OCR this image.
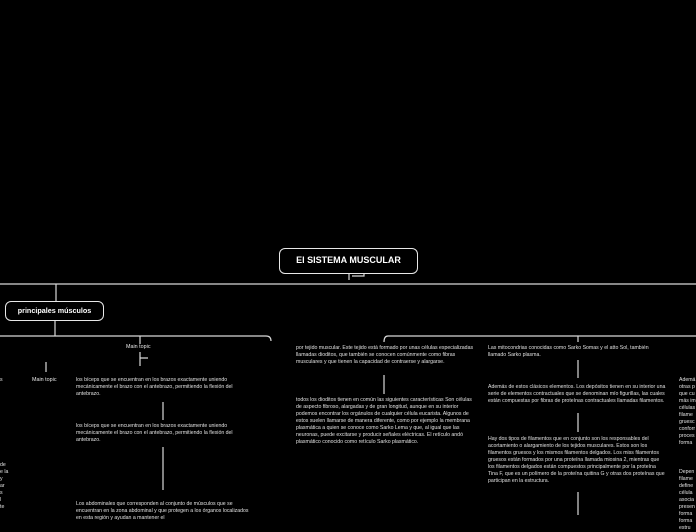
El SISTEMA MUSCULAR
principales músculos
Main topic
Main topic	los bíceps que se encuentran en los brazos exactamente uniendo mecánicamente el brazo con el antebrazo, permitiendo la flexión del antebrazo.
los bíceps que se encuentran en los brazos exactamente uniendo mecánicamente el brazo con el antebrazo, permitiendo la flexión del antebrazo.
Los abdominales que corresponden al conjunto de músculos que se encuentran en la zona abdominal y que protegen a los órganos localizados en esta región y ayudan a mantener el
por tejido muscular. Este tejido está formado por unas células especializadas llamadas dioditos, que también se conocen comúnmente como fibras musculares y que tienen la capacidad de contraerse y alargarse.
todos los dioditos tienen en común las siguientes características Son células de aspecto fibroso, alargadas y de gran longitud, aunque en su interior podemos encontrar los orgánulos de cualquier célula eucarista. Algunos de estos suelen llamarse de manera diferente, como por ejemplo la membrana plasmática a quien se conoce como Sarko Lema y que, al igual que las neuronas, puede excitarse y producir señales eléctricas. El retículo andó plasmático conocido como retículo Sarko plasmático.
Las mitocondrias conocidas como Sarko Somas y el atto Sol, también llamado Sarko plasma.
Además de estos clásicos elementos. Los depósitos tienen en su interior una serie de elementos contractuales que se denominan mío figurillas, las cuales están compuestas por fibras de proteínas contractuales llamadas filamentos.
Hay dos tipos de filamentos que en conjunto son los responsables del acortamiento o alargamiento de los tejidos musculares. Estos son los filamentos gruesos y los mismos filamentos delgados. Los miss filamentos gruesos están formados por una proteína llamada miosina 2, mientras que los filamentos delgados están compuestos principalmente por la proteína Tina F, que es un polímero de la proteína quitina G y otras dos proteínas que participan en la estructura.
s
de
e la
y
ar
s
l
te
Ademá
otras p
que cu
más im
células
filame
gruesc
conforr
proces
forma
Depen
filame
define
célula
asocia
presen
forma
forma
estru
